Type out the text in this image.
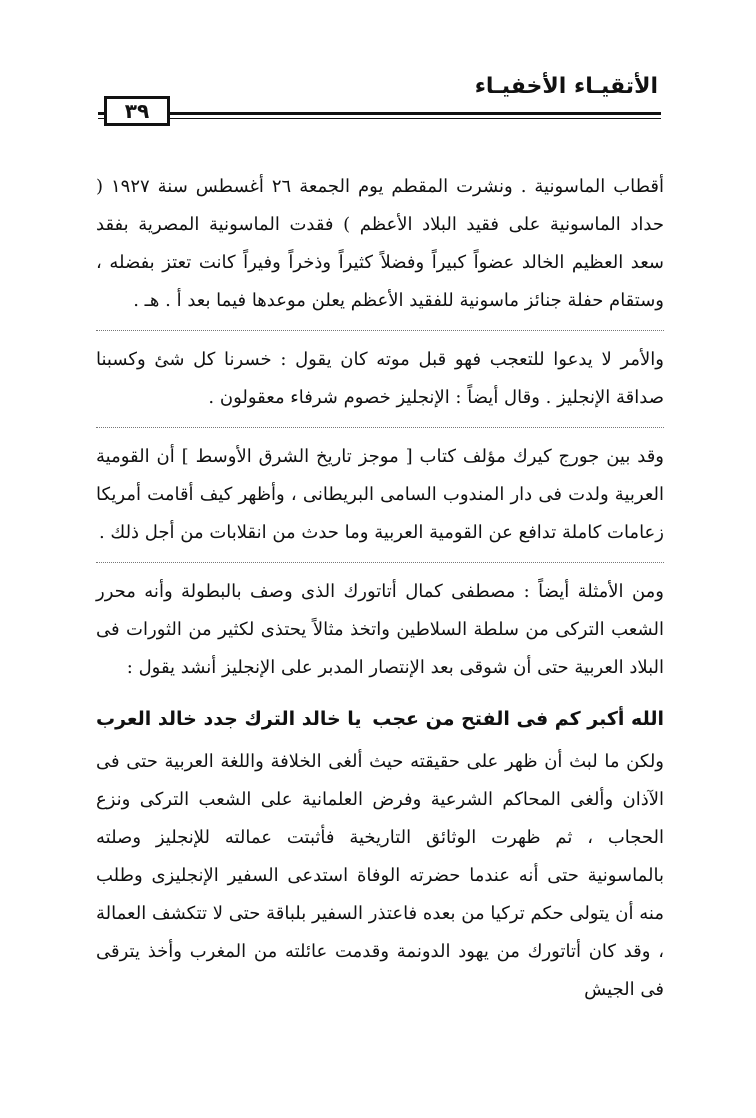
الأتقيـاء الأخفيـاء
٣٩

أقطاب الماسونية . ونشرت المقطم يوم الجمعة ٢٦ أغسطس سنة ١٩٢٧ ( حداد الماسونية على فقيد البلاد الأعظم ) فقدت الماسونية المصرية بفقد سعد العظيم الخالد عضواً كبيراً وفضلاً كثيراً وذخراً وفيراً كانت تعتز بفضله ، وستقام حفلة جنائز ماسونية للفقيد الأعظم يعلن موعدها فيما بعد أ . هـ .

والأمر لا يدعوا للتعجب فهو قبل موته كان يقول : خسرنا كل شئ وكسبنا صداقة الإنجليز . وقال أيضاً : الإنجليز خصوم شرفاء معقولون .

وقد بين جورج كيرك مؤلف كتاب [ موجز تاريخ الشرق الأوسط ] أن القومية العربية ولدت فى دار المندوب السامى البريطانى ، وأظهر كيف أقامت أمريكا زعامات كاملة تدافع عن القومية العربية وما حدث من انقلابات من أجل ذلك .

ومن الأمثلة أيضاً : مصطفى كمال أتاتورك الذى وصف بالبطولة وأنه محرر الشعب التركى من سلطة السلاطين واتخذ مثالاً يحتذى لكثير من الثورات فى البلاد العربية حتى أن شوقى بعد الإنتصار المدبر على الإنجليز أنشد يقول :

الله أكبر كم فى الفتح من عجب
يا خالد الترك جدد خالد العرب

ولكن ما لبث أن ظهر على حقيقته حيث ألغى الخلافة واللغة العربية حتى فى الآذان وألغى المحاكم الشرعية وفرض العلمانية على الشعب التركى ونزع الحجاب ، ثم ظهرت الوثائق التاريخية فأثبتت عمالته للإنجليز وصلته بالماسونية حتى أنه عندما حضرته الوفاة استدعى السفير الإنجليزى وطلب منه أن يتولى حكم تركيا من بعده فاعتذر السفير بلباقة حتى لا تتكشف العمالة ، وقد كان أتاتورك من يهود الدونمة وقدمت عائلته من المغرب وأخذ يترقى فى الجيش
